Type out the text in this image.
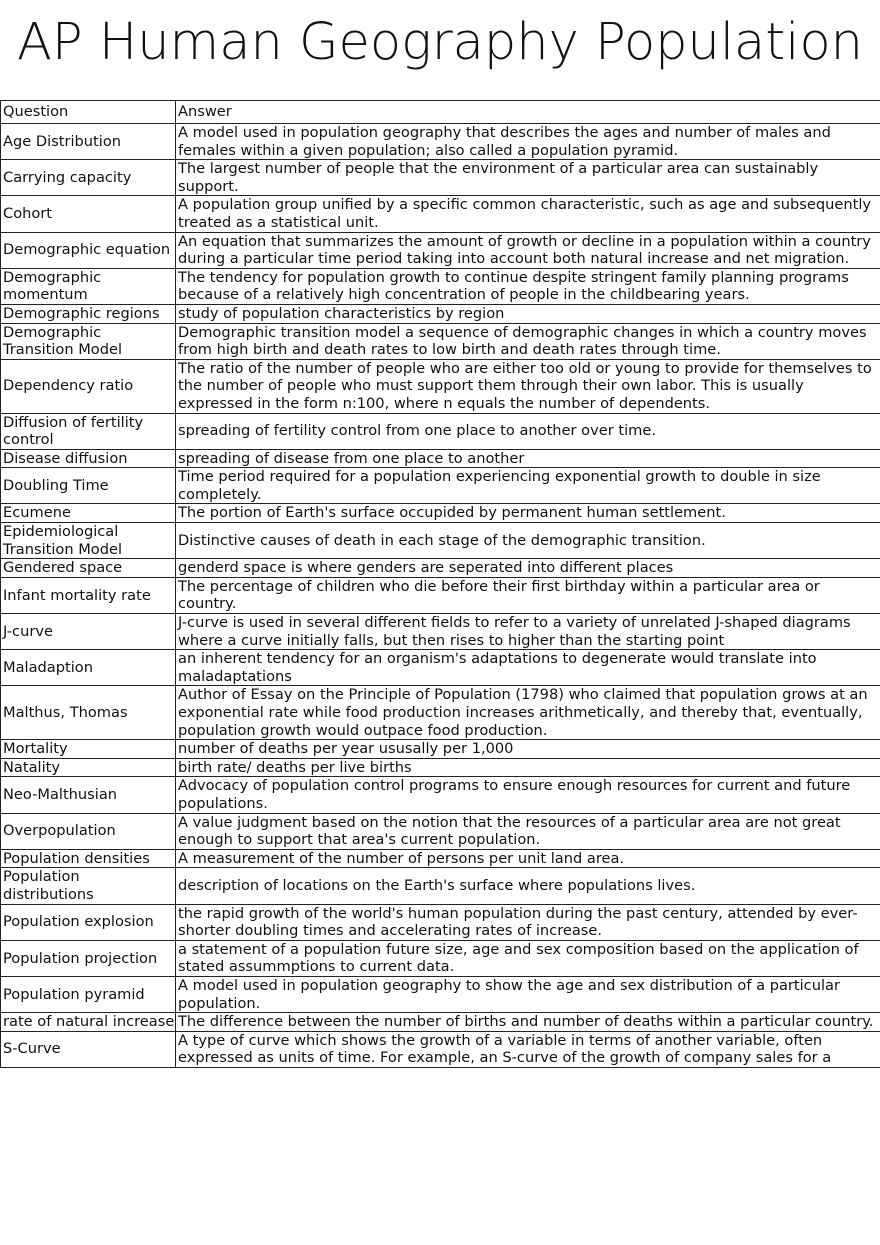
AP Human Geography Population
Question	Answer
Age Distribution	A model used in population geography that describes the ages and number of males and females within a given population; also called a population pyramid.
Carrying capacity	The largest number of people that the environment of a particular area can sustainably support.
Cohort	A population group unified by a specific common characteristic, such as age and subsequently treated as a statistical unit.
Demographic equation	An equation that summarizes the amount of growth or decline in a population within a country during a particular time period taking into account both natural increase and net migration.
Demographic momentum	The tendency for population growth to continue despite stringent family planning programs because of a relatively high concentration of people in the childbearing years.
Demographic regions	study of population characteristics by region
Demographic Transition Model	Demographic transition model a sequence of demographic changes in which a country moves from high birth and death rates to low birth and death rates through time.
Dependency ratio	The ratio of the number of people who are either too old or young to provide for themselves to the number of people who must support them through their own labor. This is usually expressed in the form n:100, where n equals the number of dependents.
Diffusion of fertility control	spreading of fertility control from one place to another over time.
Disease diffusion	spreading of disease from one place to another
Doubling Time	Time period required for a population experiencing exponential growth to double in size completely.
Ecumene	The portion of Earth's surface occupided by permanent human settlement.
Epidemiological Transition Model	Distinctive causes of death in each stage of the demographic transition.
Gendered space	genderd space is where genders are seperated into different places
Infant mortality rate	The percentage of children who die before their first birthday within a particular area or country.
J-curve	J-curve is used in several different fields to refer to a variety of unrelated J-shaped diagrams where a curve initially falls, but then rises to higher than the starting point
Maladaption	an inherent tendency for an organism's adaptations to degenerate would translate into maladaptations
Malthus, Thomas	Author of Essay on the Principle of Population (1798) who claimed that population grows at an exponential rate while food production increases arithmetically, and thereby that, eventually, population growth would outpace food production.
Mortality	number of deaths per year ususally per 1,000
Natality	birth rate/ deaths per live births
Neo-Malthusian	Advocacy of population control programs to ensure enough resources for current and future populations.
Overpopulation	A value judgment based on the notion that the resources of a particular area are not great enough to support that area's current population.
Population densities	A measurement of the number of persons per unit land area.
Population distributions	description of locations on the Earth's surface where populations lives.
Population explosion	the rapid growth of the world's human population during the past century, attended by ever-shorter doubling times and accelerating rates of increase.
Population projection	a statement of a population future size, age and sex composition based on the application of stated assummptions to current data.
Population pyramid	A model used in population geography to show the age and sex distribution of a particular population.
rate of natural increase	The difference between the number of births and number of deaths within a particular country.
S-Curve	A type of curve which shows the growth of a variable in terms of another variable, often expressed as units of time. For example, an S-curve of the growth of company sales for a
